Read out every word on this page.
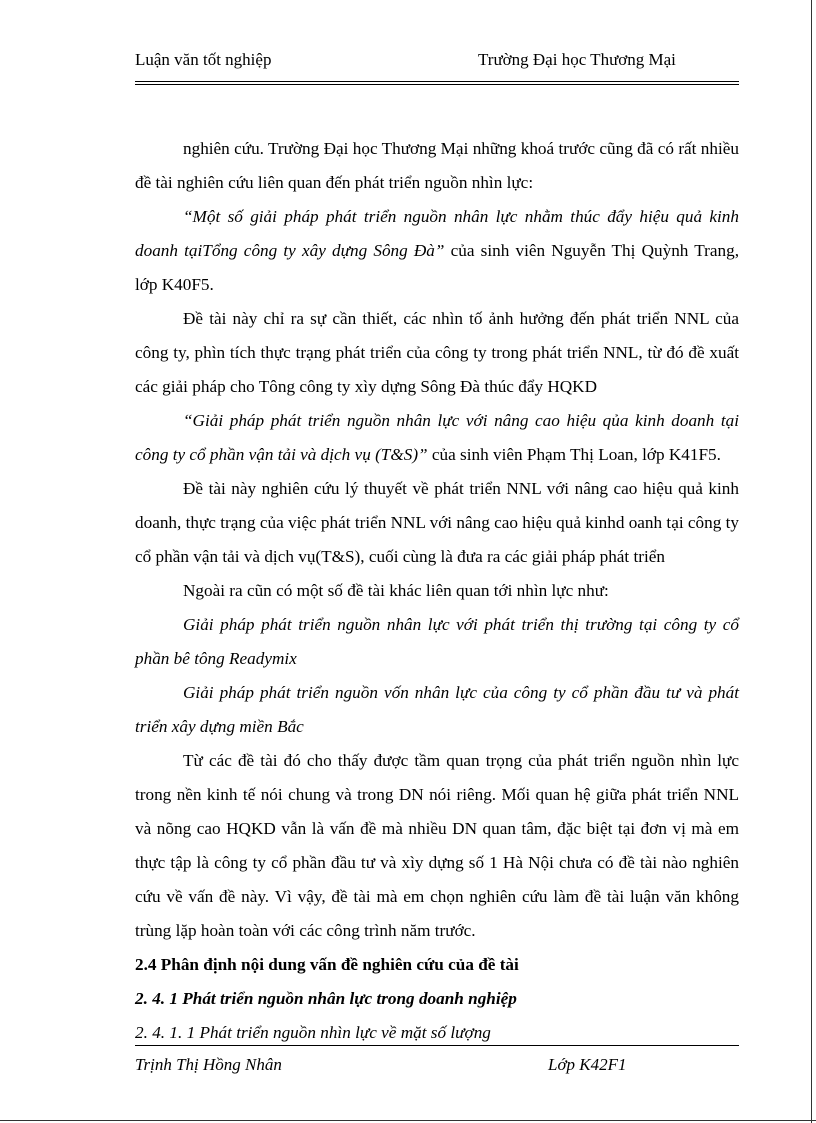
Luận văn tốt nghiệp	Trường Đại học Thương Mại

nghiên cứu. Trường Đại học Thương Mại những khoá trước cũng đã có rất nhiều đề tài nghiên cứu liên quan đến phát triển nguồn nhìn lực:

“Một số giải pháp phát triển nguồn nhân lực nhằm thúc đẩy hiệu quả kinh doanh tạiTổng công ty xây dựng Sông Đà” của sinh viên Nguyễn Thị Quỳnh Trang, lớp K40F5.

Đề tài này chỉ ra sự cần thiết, các nhìn tố ảnh hưởng đến phát triển NNL của công ty, phìn tích thực trạng phát triển của công ty trong phát triển NNL, từ đó đề xuất các giải pháp cho Tông công ty xìy dựng Sông Đà thúc đẩy HQKD

“Giải pháp phát triển nguồn nhân lực với nâng cao hiệu qủa kinh doanh tại công ty cổ phần vận tải và dịch vụ (T&S)” của sinh viên Phạm Thị Loan, lớp K41F5.

Đề tài này nghiên cứu lý thuyết về phát triển NNL với nâng cao hiệu quả kinh doanh, thực trạng của việc phát triển NNL với nâng cao hiệu quả kinhd oanh tại công ty cổ phần vận tải và dịch vụ(T&S), cuối cùng là đưa ra các giải pháp phát triển

Ngoài ra cũn có một số đề tài khác liên quan tới nhìn lực như:

Giải pháp phát triển nguồn nhân lực với phát triển thị trường tại công ty cổ phần bê tông Readymix

Giải pháp phát triển nguồn vốn nhân lực của công ty cổ phần đầu tư và phát triển xây dựng miền Bắc

Từ các đề tài đó cho thấy được tầm quan trọng của phát triển nguồn nhìn lực trong nền kinh tế nói chung và trong DN nói riêng. Mối quan hệ giữa phát triển NNL và nõng cao HQKD vẫn là vấn đề mà nhiều DN quan tâm, đặc biệt tại đơn vị mà em thực tập là công ty cổ phần đầu tư và xìy dựng số 1 Hà Nội chưa có đề tài nào nghiên cứu về vấn đề này. Vì vậy, đề tài mà em chọn nghiên cứu làm đề tài luận văn không trùng lặp hoàn toàn với các công trình năm trước.

2.4 Phân định nội dung vấn đề nghiên cứu của đề tài

2. 4. 1 Phát triển nguồn nhân lực trong doanh nghiệp

2. 4. 1. 1 Phát triển nguồn nhìn lực về mặt số lượng

Trịnh Thị Hồng Nhân	Lớp K42F1
